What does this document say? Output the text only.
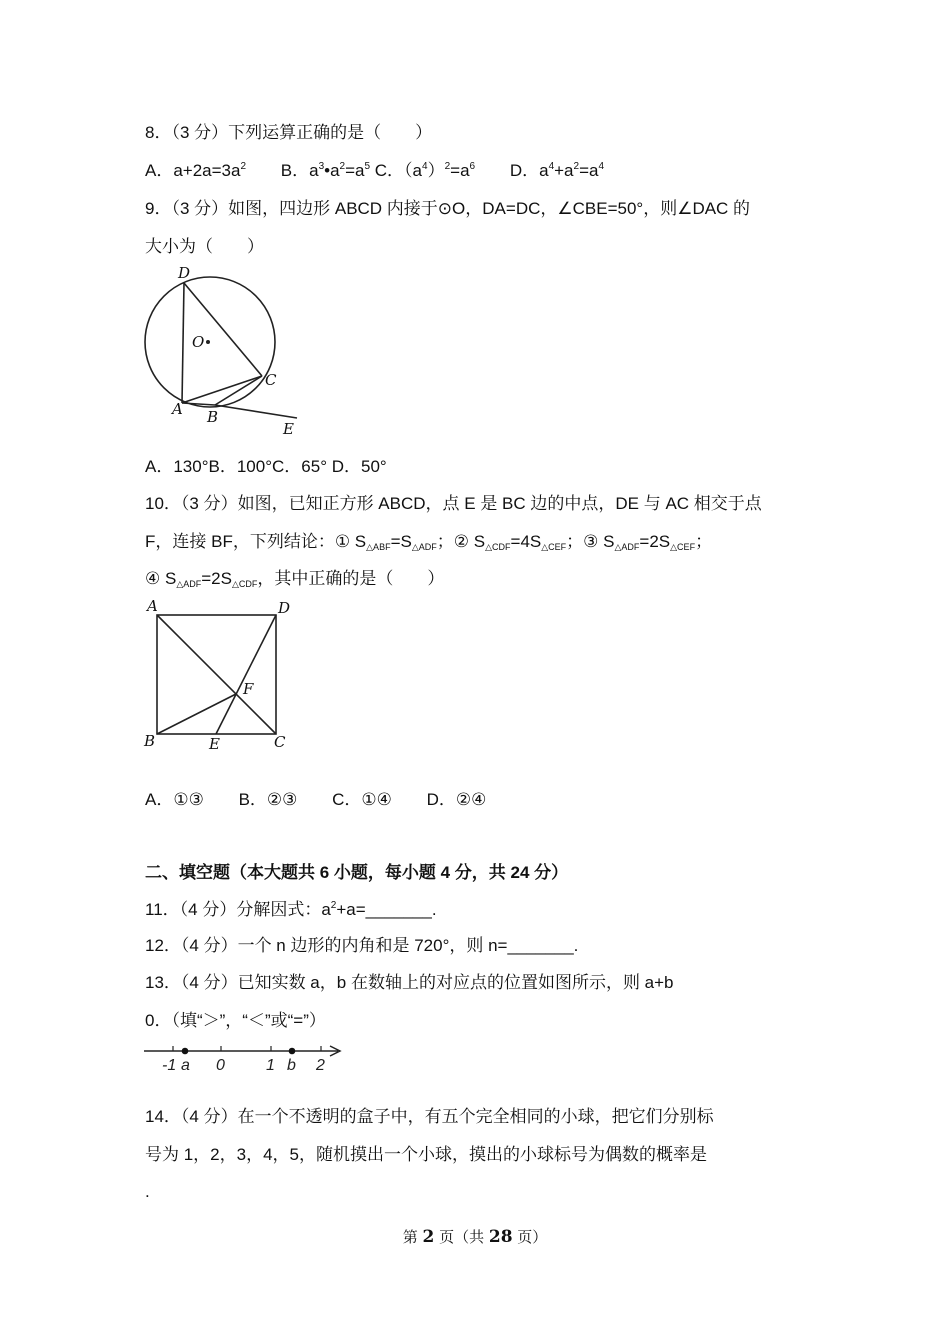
8．（3 分）下列运算正确的是（　　）
A．$a+2a=3a^2$ B．$a^3•a^2=a^5$ C．$(a^4)^2=a^6$ D．$a^4+a^2=a^4$
9．（3 分）如图，四边形 ABCD 内接于⊙O，DA=DC，∠CBE=50°，则∠DAC 的
大小为（　　）
D
O
C
A B
E
A．130°B．100°C．65° D．50°
10．（3 分）如图，已知正方形 ABCD，点 E 是 BC 边的中点，DE 与 AC 相交于点
F，连接 BF，下列结论：① $S_{\triangle ABF}=S_{\triangle ADF}$；② $S_{\triangle CDF}=4S_{\triangle CEF}$；③ $S_{\triangle ADF}=2S_{\triangle CEF}$；
④ $S_{\triangle ADF}=2S_{\triangle CDF}$，其中正确的是（　　）
A	D
F
B	E	C
A．①③ B．②③ C．①④ D．②④
二、填空题（本大题共 6 小题，每小题 4 分，共 24 分）
11．（4 分）分解因式：$a^2+a=\_\_\_\_\_\_\_$.
12．（4 分）一个 n 边形的内角和是 720°，则 n=_______.
13．（4 分）已知实数 a，b 在数轴上的对应点的位置如图所示，则 a+b
0．（填“＞”，“＜”或“=”）
-1 a 0	1 b 2
14．（4 分）在一个不透明的盒子中，有五个完全相同的小球，把它们分别标
号为 1，2，3，4，5，随机摸出一个小球，摸出的小球标号为偶数的概率是
.
第 2 页（共 28 页）
